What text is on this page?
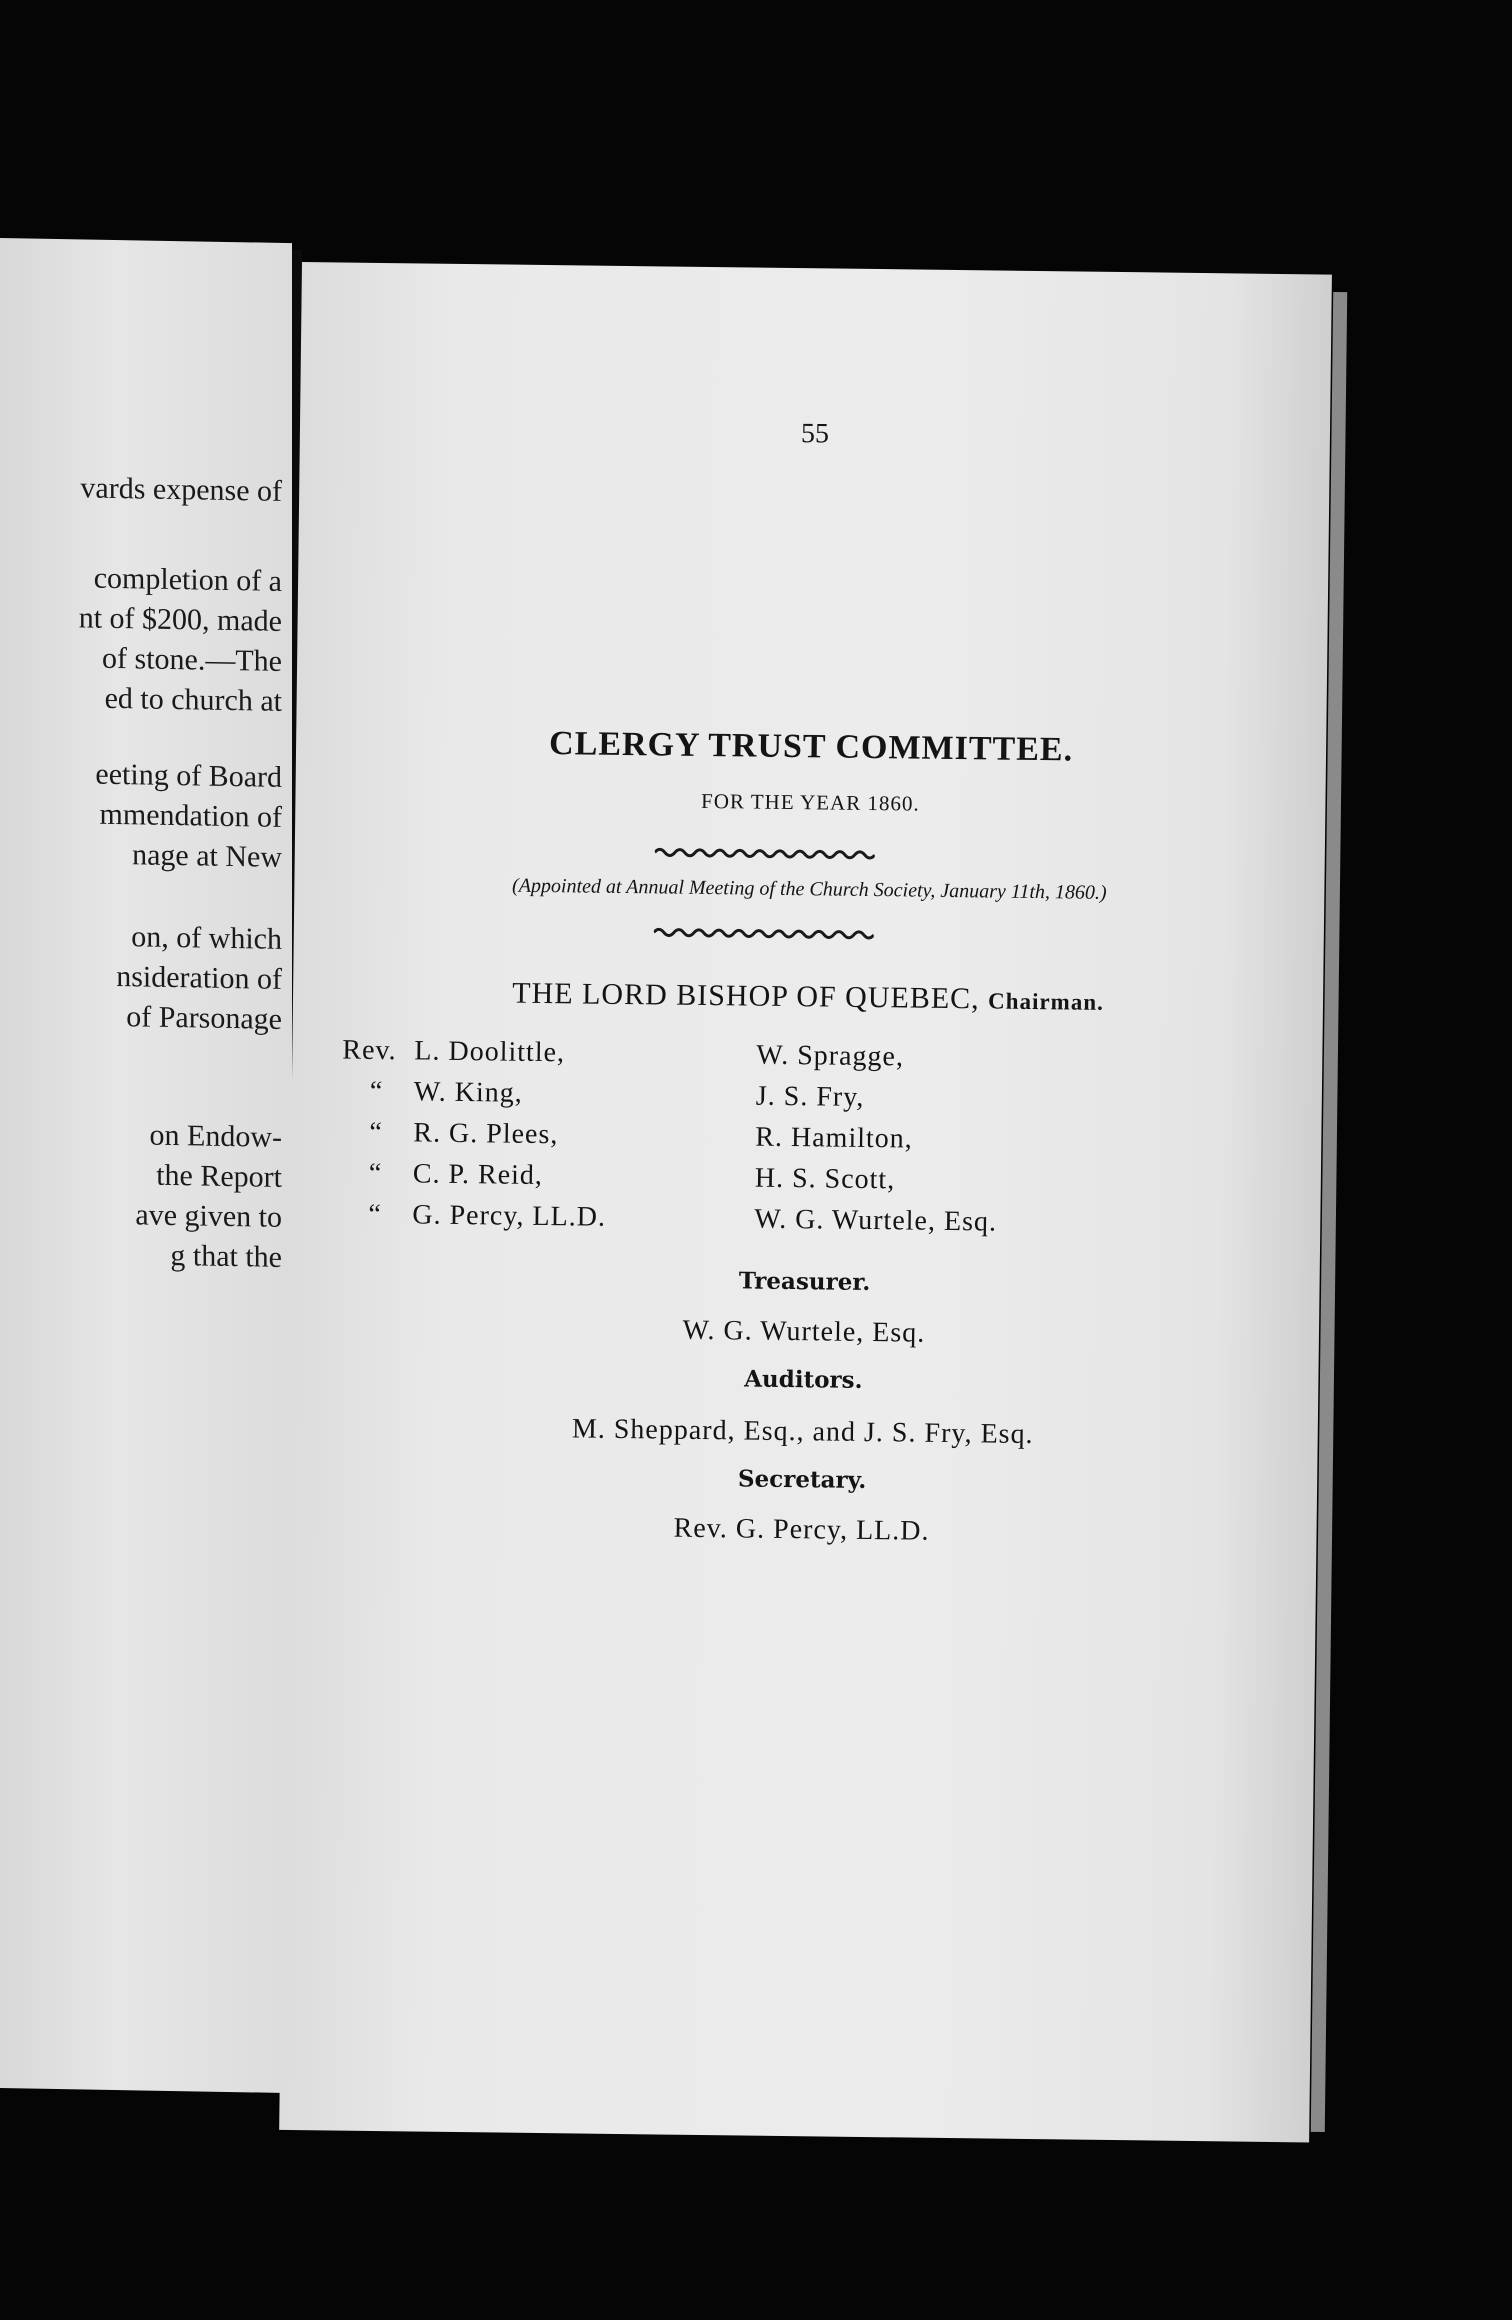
vards expense of
completion of a
nt of $200, made
of stone.—The
ed to church at
eeting of Board
mmendation of
nage at New
on, of which
nsideration of
of Parsonage
on Endow-
the Report
ave given to
g that the
55
CLERGY TRUST COMMITTEE.
FOR THE YEAR 1860.
(Appointed at Annual Meeting of the Church Society, January 11th, 1860.)
THE LORD BISHOP OF QUEBEC, Chairman.
Rev. L. Doolittle,	W. Spragge,
“	W. King,	J. S. Fry,
“	R. G. Plees,	R. Hamilton,
“	C. P. Reid,	H. S. Scott,
“	G. Percy, LL.D.	W. G. Wurtele, Esq.
Treasurer.
W. G. Wurtele, Esq.
Auditors.
M. Sheppard, Esq., and J. S. Fry, Esq.
Secretary.
Rev. G. Percy, LL.D.
